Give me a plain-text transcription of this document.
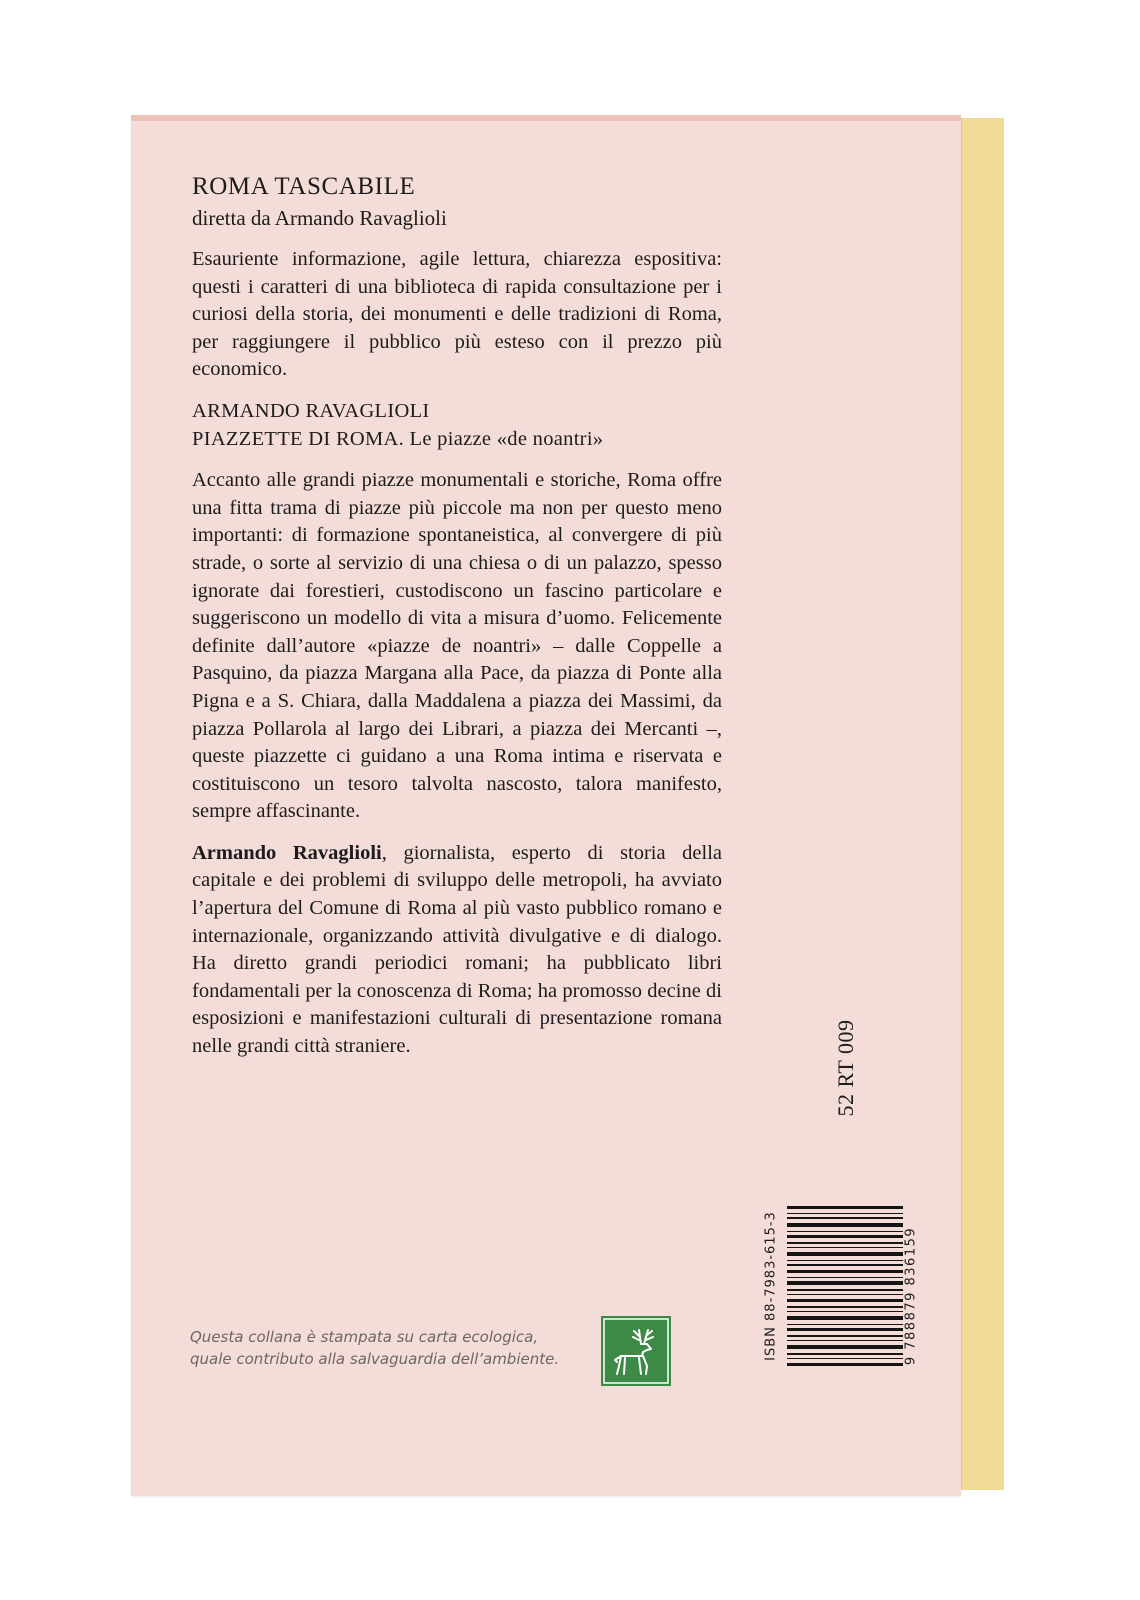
ROMA TASCABILE
diretta da Armando Ravaglioli

Esauriente informazione, agile lettura, chiarezza espositiva: questi i caratteri di una biblioteca di rapida consultazione per i curiosi della storia, dei monumenti e delle tradizioni di Roma, per raggiungere il pubblico più esteso con il prezzo più economico.

ARMANDO RAVAGLIOLI
PIAZZETTE DI ROMA. Le piazze «de noantri»

Accanto alle grandi piazze monumentali e storiche, Roma offre una fitta trama di piazze più piccole ma non per questo meno importanti: di formazione spontaneistica, al convergere di più strade, o sorte al servizio di una chiesa o di un palazzo, spesso ignorate dai forestieri, custodiscono un fascino particolare e suggeriscono un modello di vita a misura d’uomo. Felicemente definite dall’autore «piazze de noantri» – dalle Coppelle a Pasquino, da piazza Margana alla Pace, da piazza di Ponte alla Pigna e a S. Chiara, dalla Maddalena a piazza dei Massimi, da piazza Pollarola al largo dei Librari, a piazza dei Mercanti –, queste piazzette ci guidano a una Roma intima e riservata e costituiscono un tesoro talvolta nascosto, talora manifesto, sempre affascinante.

Armando Ravaglioli, giornalista, esperto di storia della capitale e dei problemi di sviluppo delle metropoli, ha avviato l’apertura del Comune di Roma al più vasto pubblico romano e internazionale, organizzando attività divulgative e di dialogo. Ha diretto grandi periodici romani; ha pubblicato libri fondamentali per la conoscenza di Roma; ha promosso decine di esposizioni e manifestazioni culturali di presentazione romana nelle grandi città straniere.

Questa collana è stampata su carta ecologica,
quale contributo alla salvaguardia dell’ambiente.
52 RT 009
ISBN 88-7983-615-3	9 788879 836159
